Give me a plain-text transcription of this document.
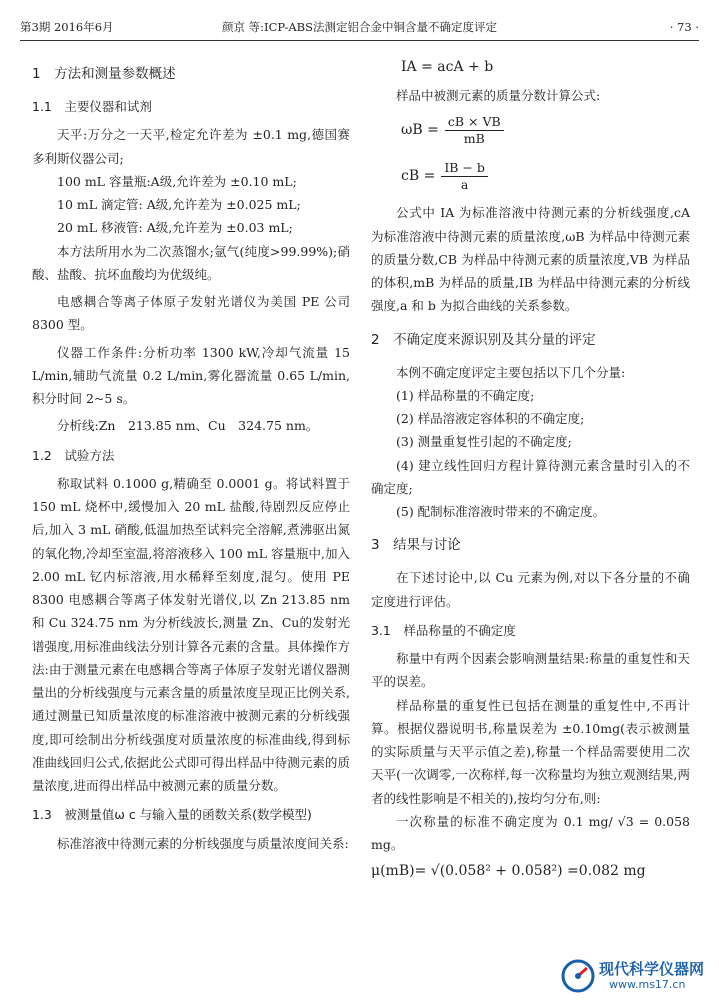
第3期 2016年6月	颜京 等:ICP-ABS法测定铝合金中铜含量不确定度评定	· 73 ·
1　方法和测量参数概述
1.1　主要仪器和试剂

天平:万分之一天平,检定允许差为 ±0.1 mg,德国赛多利斯仪器公司;

100 mL 容量瓶:A级,允许差为 ±0.10 mL;

10 mL 滴定管: A级,允许差为 ±0.025 mL;

20 mL 移液管: A级,允许差为 ±0.03 mL;

本方法所用水为二次蒸馏水;氩气(纯度>99.99%);硝酸、盐酸、抗坏血酸均为优级纯。

电感耦合等离子体原子发射光谱仪为美国 PE 公司 8300 型。

仪器工作条件:分析功率 1300 kW,冷却气流量 15 L/min,辅助气流量 0.2 L/min,雾化器流量 0.65 L/min,积分时间 2~5 s。

分析线:Zn　213.85 nm、Cu　324.75 nm。

1.2　试验方法

称取试料 0.1000 g,精确至 0.0001 g。将试料置于 150 mL 烧杯中,缓慢加入 20 mL 盐酸,待剧烈反应停止后,加入 3 mL 硝酸,低温加热至试料完全溶解,煮沸驱出氮的氧化物,冷却至室温,将溶液移入 100 mL 容量瓶中,加入 2.00 mL 钇内标溶液,用水稀释至刻度,混匀。使用 PE 8300 电感耦合等离子体发射光谱仪,以 Zn 213.85 nm和 Cu 324.75 nm 为分析线波长,测量 Zn、Cu的发射光谱强度,用标准曲线法分别计算各元素的含量。具体操作方法:由于测量元素在电感耦合等离子体原子发射光谱仪器测量出的分析线强度与元素含量的质量浓度呈现正比例关系,通过测量已知质量浓度的标准溶液中被测元素的分析线强度,即可绘制出分析线强度对质量浓度的标准曲线,得到标准曲线回归公式,依据此公式即可得出样品中待测元素的质量浓度,进而得出样品中被测元素的质量分数。

1.3　被测量值ω c 与输入量的函数关系(数学模型)

标准溶液中待测元素的分析线强度与质量浓度间关系:

IA = acA + b

样品中被测元素的质量分数计算公式:

$\omega B = \frac{cB \times VB}{mB}$
cB = $\frac{IB - b}{a}$

公式中 IA 为标准溶液中待测元素的分析线强度,cA 为标准溶液中待测元素的质量浓度,ωB 为样品中待测元素的质量分数,CB 为样品中待测元素的质量浓度,VB 为样品的体积,mB 为样品的质量,IB 为样品中待测元素的分析线强度,a 和 b 为拟合曲线的关系参数。

2　不确定度来源识别及其分量的评定

本例不确定度评定主要包括以下几个分量:

(1) 样品称量的不确定度;

(2) 样品溶液定容体积的不确定度;

(3) 测量重复性引起的不确定度;

(4) 建立线性回归方程计算待测元素含量时引入的不确定度;

(5) 配制标准溶液时带来的不确定度。

3　结果与讨论

在下述讨论中,以 Cu 元素为例,对以下各分量的不确定度进行评估。

3.1　样品称量的不确定度

称量中有两个因素会影响测量结果:称量的重复性和天平的误差。

样品称量的重复性已包括在测量的重复性中,不再计算。根据仪器说明书,称量误差为 ±0.10mg(表示被测量的实际质量与天平示值之差),称量一个样品需要使用二次天平(一次调零,一次称样,每一次称量均为独立观测结果,两者的线性影响是不相关的),按均匀分布,则:

一次称量的标准不确定度为 0.1 mg/ √3 = 0.058 mg。

μ(mB)= √(0.058² + 0.058²) =0.082 mg
现代科学仪器网
www.ms17.cn
